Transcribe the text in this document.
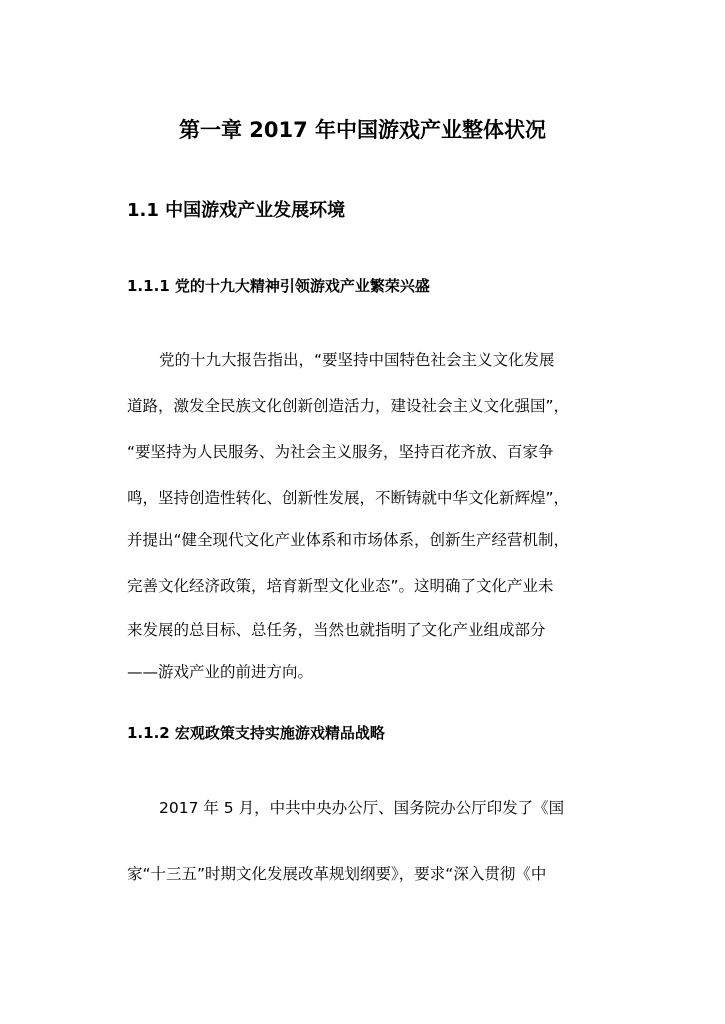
第一章 2017 年中国游戏产业整体状况
1.1 中国游戏产业发展环境
1.1.1 党的十九大精神引领游戏产业繁荣兴盛

党的十九大报告指出，“要坚持中国特色社会主义文化发展

道路，激发全民族文化创新创造活力，建设社会主义文化强国”，

“要坚持为人民服务、为社会主义服务，坚持百花齐放、百家争

鸣，坚持创造性转化、创新性发展，不断铸就中华文化新辉煌”，

并提出“健全现代文化产业体系和市场体系，创新生产经营机制，

完善文化经济政策，培育新型文化业态”。这明确了文化产业未

来发展的总目标、总任务，当然也就指明了文化产业组成部分

——游戏产业的前进方向。

1.1.2 宏观政策支持实施游戏精品战略

2017 年 5 月，中共中央办公厅、国务院办公厅印发了《国

家“十三五”时期文化发展改革规划纲要》，要求“深入贯彻《中
